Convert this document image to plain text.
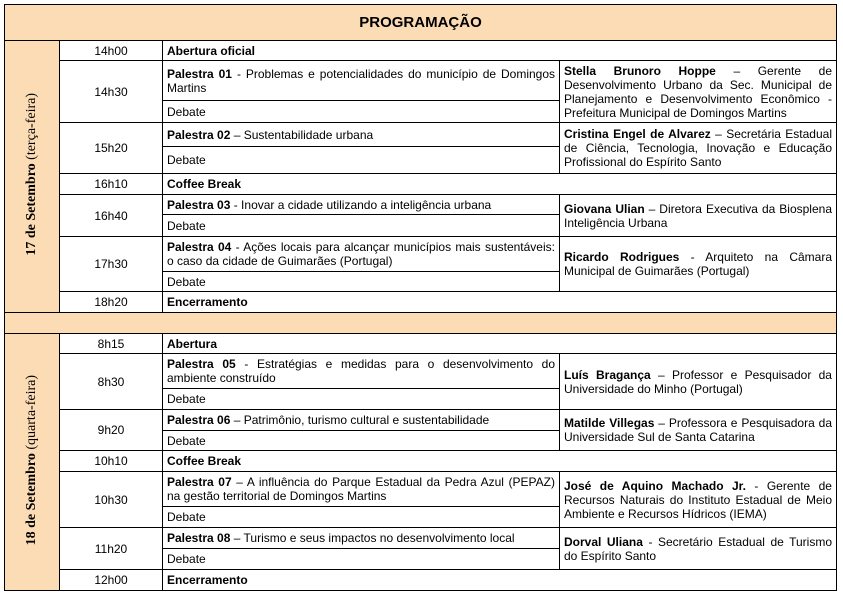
PROGRAMAÇÃO			
17 de Setembro (terça-feira)	14h00	Abertura oficial	
	14h30	Palestra 01 - Problemas e potencialidades do município de Domingos Martins	Stella Brunoro Hoppe – Gerente de Desenvolvimento Urbano da Sec. Municipal de Planejamento e Desenvolvimento Econômico - Prefeitura Municipal de Domingos Martins
		Debate	
	15h20	Palestra 02 – Sustentabilidade urbana	Cristina Engel de Alvarez – Secretária Estadual de Ciência, Tecnologia, Inovação e Educação Profissional do Espírito Santo
		Debate	
	16h10	Coffee Break	
	16h40	Palestra 03 - Inovar a cidade utilizando a inteligência urbana	Giovana Ulian – Diretora Executiva da Biosplena Inteligência Urbana
		Debate	
	17h30	Palestra 04 - Ações locais para alcançar municípios mais sustentáveis: o caso da cidade de Guimarães (Portugal)	Ricardo Rodrigues - Arquiteto na Câmara Municipal de Guimarães (Portugal)
		Debate	
	18h20	Encerramento	

18 de Setembro (quarta-feira)	8h15	Abertura	
	8h30	Palestra 05 - Estratégias e medidas para o desenvolvimento do ambiente construído	Luís Bragança – Professor e Pesquisador da Universidade do Minho (Portugal)
		Debate	
	9h20	Palestra 06 – Patrimônio, turismo cultural e sustentabilidade	Matilde Villegas – Professora e Pesquisadora da Universidade Sul de Santa Catarina
		Debate	
	10h10	Coffee Break	
	10h30	Palestra 07 – A influência do Parque Estadual da Pedra Azul (PEPAZ) na gestão territorial de Domingos Martins	José de Aquino Machado Jr. - Gerente de Recursos Naturais do Instituto Estadual de Meio Ambiente e Recursos Hídricos (IEMA)
		Debate	
	11h20	Palestra 08 – Turismo e seus impactos no desenvolvimento local	Dorval Uliana - Secretário Estadual de Turismo do Espírito Santo
		Debate	
	12h00	Encerramento	
